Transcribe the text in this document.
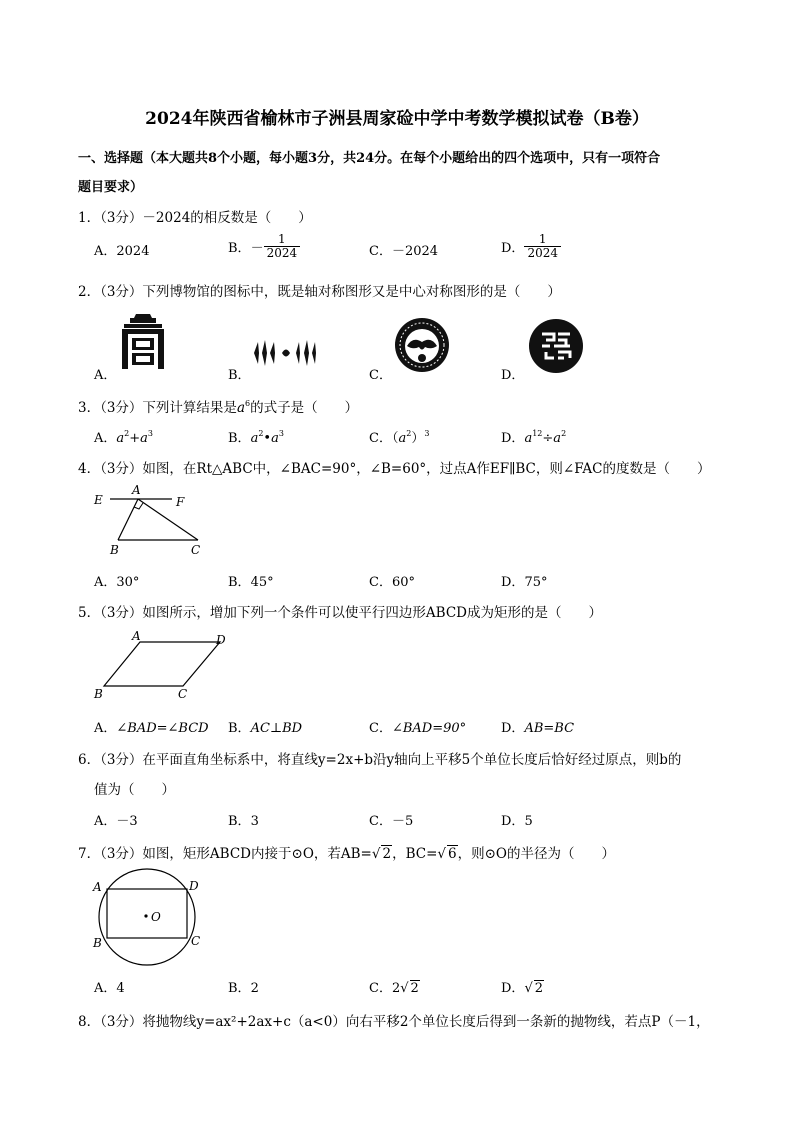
2024年陕西省榆林市子洲县周家硷中学中考数学模拟试卷（B卷）
一、选择题（本大题共8个小题，每小题3分，共24分。在每个小题给出的四个选项中，只有一项符合
题目要求）
1．（3分）－2024的相反数是（　　）
A．2024	B．－ $\frac{1}{2024}$	C．－2024	D． $\frac{1}{2024}$
2．（3分）下列博物馆的图标中，既是轴对称图形又是中心对称图形的是（　　）
A．	B．	C．	D．
3．（3分）下列计算结果是$a^6$的式子是（　　）
A．$a^2+a^3$	B．$a^2•a^3$	C．$(a^2)^3$	D．$a^{12}\div a^2$
4．（3分）如图，在Rt△ABC中，∠BAC=90°，∠B=60°，过点A作EF∥BC，则∠FAC的度数是（　　）
E
A
F
B	C
A．30°	B．45°	C．60°	D．75°
5．（3分）如图所示，增加下列一个条件可以使平行四边形ABCD成为矩形的是（　　）
A	D
B	C
A．∠BAD=∠BCD B．AC⊥BD	C．∠BAD=90°	D．AB=BC
6．（3分）在平面直角坐标系中，将直线y=2x+b沿y轴向上平移5个单位长度后恰好经过原点，则b的
值为（　　）
A．－3	B．3	C．－5	D．5
7．（3分）如图，矩形ABCD内接于⊙O，若AB=√ 2，BC=√ 6，则⊙O的半径为（　　）
A	D
B	C
O
A．4	B．2	C．2√ 2	D．√ 2
8．（3分）将抛物线y=ax²+2ax+c（a<0）向右平移2个单位长度后得到一条新的抛物线，若点P（－1，
